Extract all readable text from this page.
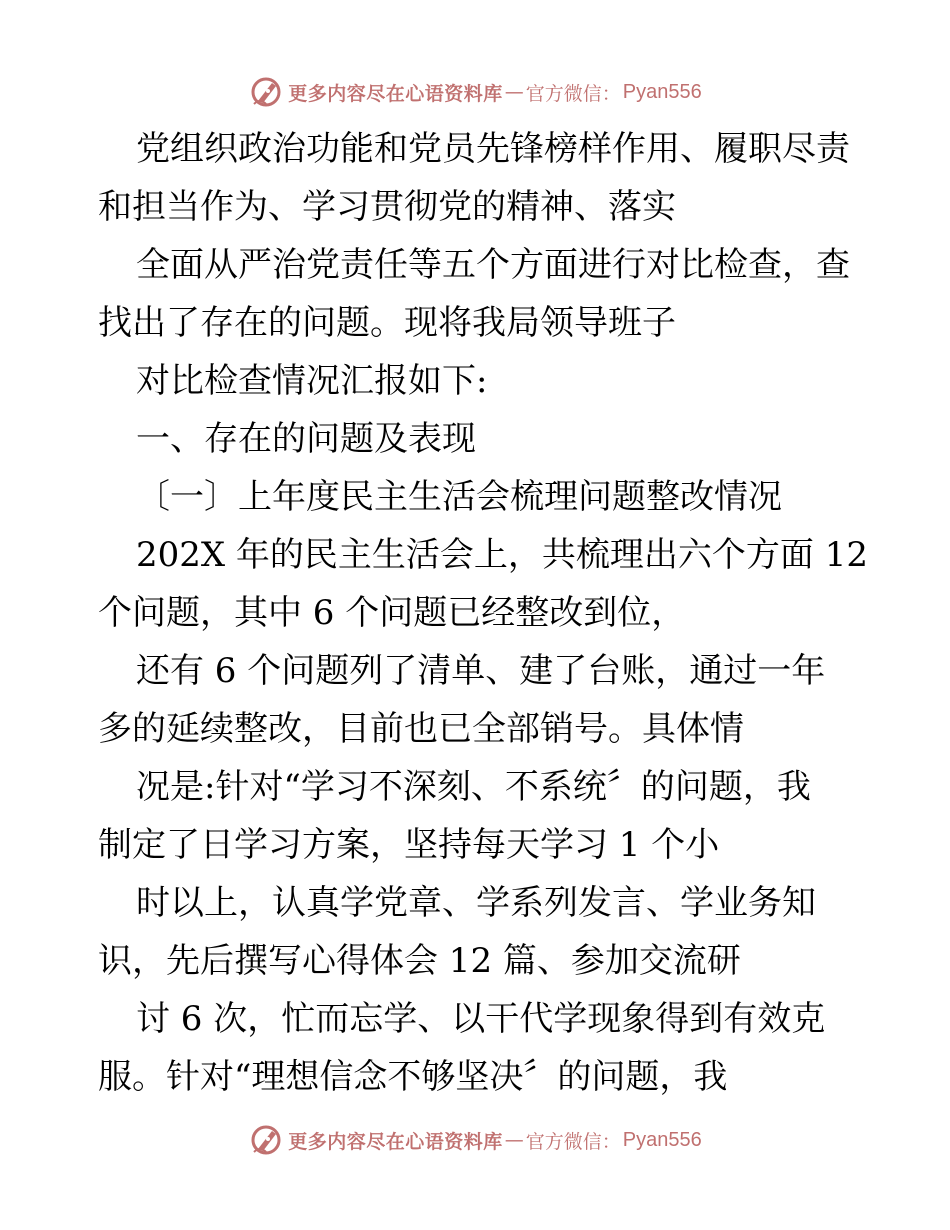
更多内容尽在心语资料库 — 官方微信： Pyan556
党组织政治功能和党员先锋榜样作用、履职尽责
和担当作为、学习贯彻党的精神、落实
全面从严治党责任等五个方面进行对比检查，查
找出了存在的问题。现将我局领导班子
对比检查情况汇报如下:
一、存在的问题及表现
〔一〕上年度民主生活会梳理问题整改情况
202X 年的民主生活会上，共梳理出六个方面 12
个问题，其中 6 个问题已经整改到位，
还有 6 个问题列了清单、建了台账，通过一年
多的延续整改，目前也已全部销号。具体情
况是:针对“学习不深刻、不系统〞的问题，我
制定了日学习方案，坚持每天学习 1 个小
时以上，认真学党章、学系列发言、学业务知
识，先后撰写心得体会 12 篇、参加交流研
讨 6 次，忙而忘学、以干代学现象得到有效克
服。针对“理想信念不够坚决〞的问题，我
更多内容尽在心语资料库 — 官方微信： Pyan556
